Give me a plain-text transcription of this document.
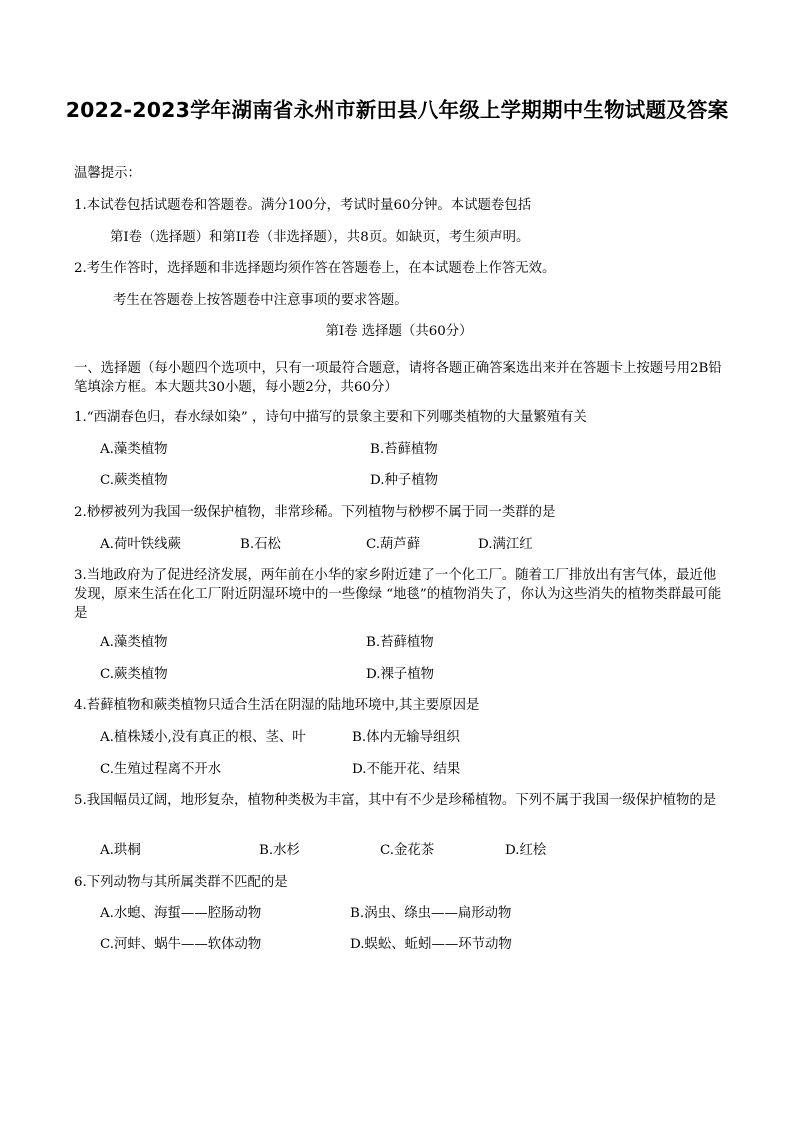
2022-2023学年湖南省永州市新田县八年级上学期期中生物试题及答案
温馨提示：
1.本试卷包括试题卷和答题卷。满分100分，考试时量60分钟。本试题卷包括
第Ⅰ卷（选择题）和第II卷（非选择题），共8页。如缺页，考生须声明。
2.考生作答时，选择题和非选择题均须作答在答题卷上，在本试题卷上作答无效。
考生在答题卷上按答题卷中注意事项的要求答题。
第Ⅰ卷 选择题（共60分）
一、选择题（每小题四个选项中，只有一项最符合题意，请将各题正确答案选出来并在答题卡上按题号用2B铅笔填涂方框。本大题共30小题，每小题2分，共60分）
1.“西湖春色归，春水绿如染” ，诗句中描写的景象主要和下列哪类植物的大量繁殖有关
A.藻类植物	B.苔藓植物
C.蕨类植物	D.种子植物
2.桫椤被列为我国一级保护植物，非常珍稀。下列植物与桫椤不属于同一类群的是
A.荷叶铁线蕨	B.石松	C.葫芦藓	D.满江红
3.当地政府为了促进经济发展，两年前在小华的家乡附近建了一个化工厂。随着工厂排放出有害气体，最近他发现，原来生活在化工厂附近阴湿环境中的一些像绿 “地毯”的植物消失了，你认为这些消失的植物类群最可能是
A.藻类植物	B.苔藓植物
C.蕨类植物	D.裸子植物
4.苔藓植物和蕨类植物只适合生活在阴湿的陆地环境中,其主要原因是
A.植株矮小,没有真正的根、茎、叶	B.体内无输导组织
C.生殖过程离不开水	D.不能开花、结果
5.我国幅员辽阔，地形复杂，植物种类极为丰富，其中有不少是珍稀植物。下列不属于我国一级保护植物的是
A.珙桐	B.水杉	C.金花茶	D.红桧
6.下列动物与其所属类群不匹配的是
A.水螅、海蜇——腔肠动物	B.涡虫、绦虫——扁形动物
C.河蚌、蜗牛——软体动物	D.蜈蚣、蚯蚓——环节动物
